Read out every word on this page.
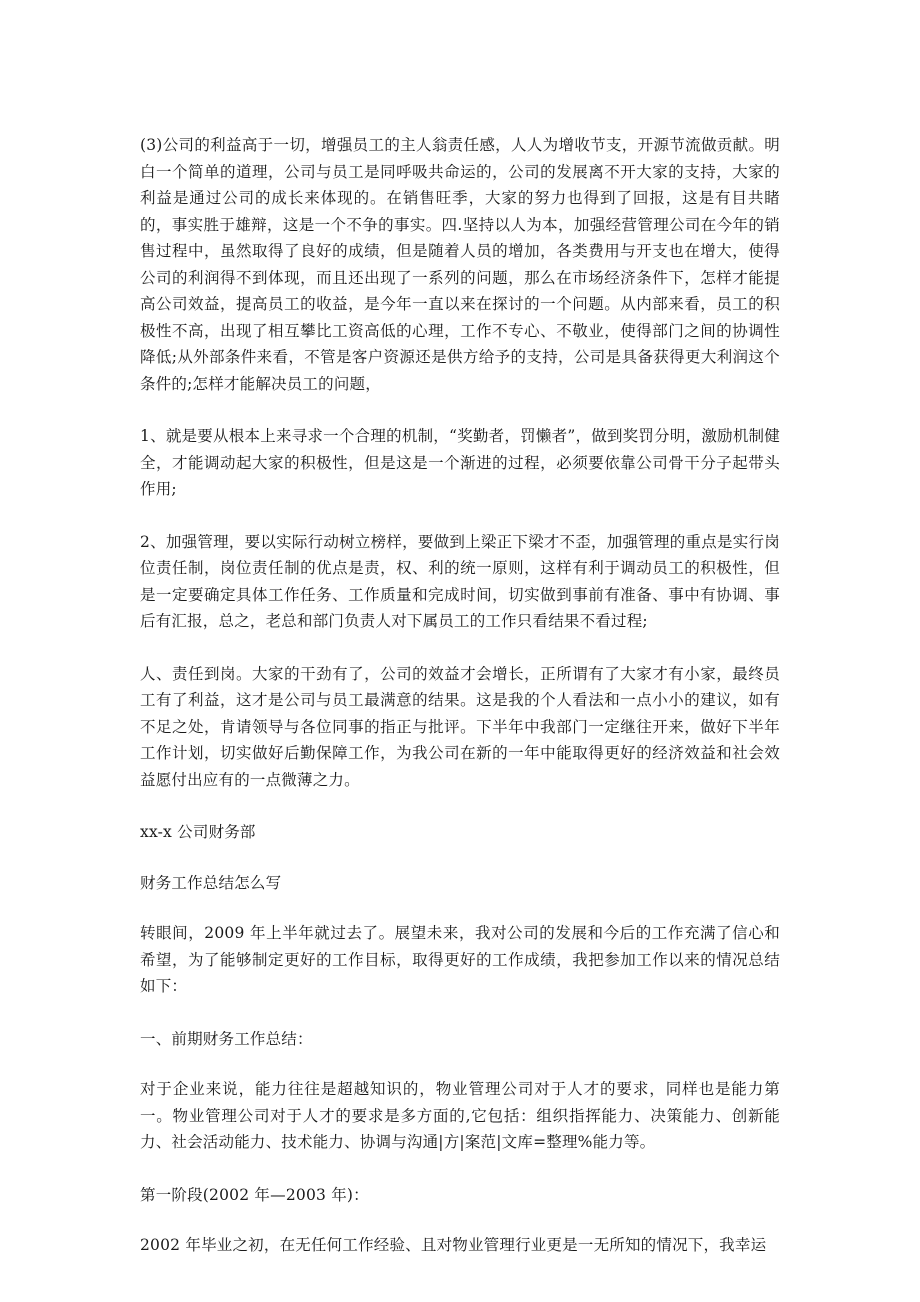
(3)公司的利益高于一切，增强员工的主人翁责任感，人人为增收节支，开源节流做贡献。明白一个简单的道理，公司与员工是同呼吸共命运的，公司的发展离不开大家的支持，大家的利益是通过公司的成长来体现的。在销售旺季，大家的努力也得到了回报，这是有目共睹的，事实胜于雄辩，这是一个不争的事实。四.坚持以人为本，加强经营管理公司在今年的销售过程中，虽然取得了良好的成绩，但是随着人员的增加，各类费用与开支也在增大，使得公司的利润得不到体现，而且还出现了一系列的问题，那么在市场经济条件下，怎样才能提高公司效益，提高员工的收益，是今年一直以来在探讨的一个问题。从内部来看，员工的积极性不高，出现了相互攀比工资高低的心理，工作不专心、不敬业，使得部门之间的协调性降低;从外部条件来看，不管是客户资源还是供方给予的支持，公司是具备获得更大利润这个条件的;怎样才能解决员工的问题，

1、就是要从根本上来寻求一个合理的机制，“奖勤者，罚懒者”，做到奖罚分明，激励机制健全，才能调动起大家的积极性，但是这是一个渐进的过程，必须要依靠公司骨干分子起带头作用;

2、加强管理，要以实际行动树立榜样，要做到上梁正下梁才不歪，加强管理的重点是实行岗位责任制，岗位责任制的优点是责，权、利的统一原则，这样有利于调动员工的积极性，但是一定要确定具体工作任务、工作质量和完成时间，切实做到事前有准备、事中有协调、事后有汇报，总之，老总和部门负责人对下属员工的工作只看结果不看过程;

人、责任到岗。大家的干劲有了，公司的效益才会增长，正所谓有了大家才有小家，最终员工有了利益，这才是公司与员工最满意的结果。这是我的个人看法和一点小小的建议，如有不足之处，肯请领导与各位同事的指正与批评。下半年中我部门一定继往开来，做好下半年工作计划，切实做好后勤保障工作，为我公司在新的一年中能取得更好的经济效益和社会效益愿付出应有的一点微薄之力。

xx-x 公司财务部

财务工作总结怎么写

转眼间，2009 年上半年就过去了。展望未来，我对公司的发展和今后的工作充满了信心和希望，为了能够制定更好的工作目标，取得更好的工作成绩，我把参加工作以来的情况总结如下：

一、前期财务工作总结：

对于企业来说，能力往往是超越知识的，物业管理公司对于人才的要求，同样也是能力第一。物业管理公司对于人才的要求是多方面的,它包括：组织指挥能力、决策能力、创新能力、社会活动能力、技术能力、协调与沟通|方|案范|文库=整理%能力等。

第一阶段(2002 年—2003 年)：

2002 年毕业之初，在无任何工作经验、且对物业管理行业更是一无所知的情况下，我幸运
